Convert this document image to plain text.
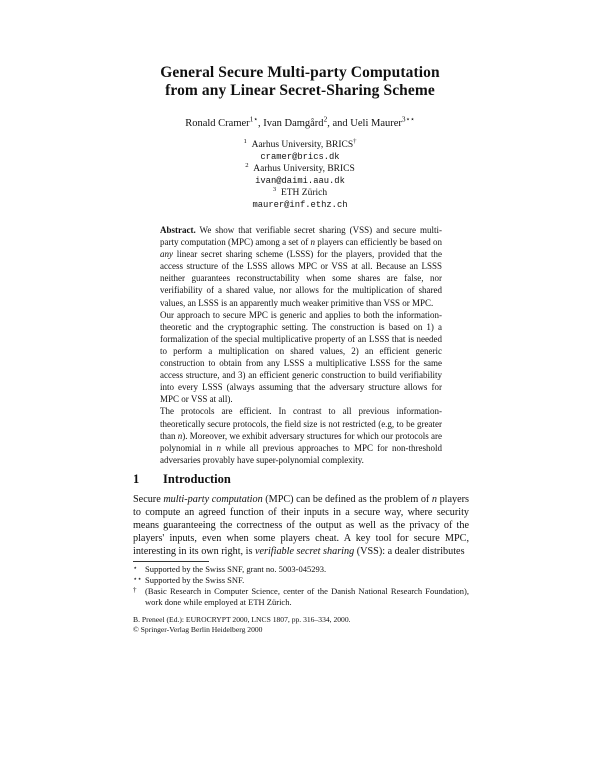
General Secure Multi-party Computation
from any Linear Secret-Sharing Scheme
Ronald Cramer$^{1⋆}$, Ivan Damgård$^2$, and Ueli Maurer$^{3⋆⋆}$
$^1$ Aarhus University, BRICS†
cramer@brics.dk
$^2$ Aarhus University, BRICS
ivan@daimi.aau.dk
$^3$ ETH Zürich
maurer@inf.ethz.ch

Abstract. We show that verifiable secret sharing (VSS) and secure multi-party computation (MPC) among a set of n players can efficiently be based on any linear secret sharing scheme (LSSS) for the players, provided that the access structure of the LSSS allows MPC or VSS at all. Because an LSSS neither guarantees reconstructability when some shares are false, nor verifiability of a shared value, nor allows for the multiplication of shared values, an LSSS is an apparently much weaker primitive than VSS or MPC.

Our approach to secure MPC is generic and applies to both the information-theoretic and the cryptographic setting. The construction is based on 1) a formalization of the special multiplicative property of an LSSS that is needed to perform a multiplication on shared values, 2) an efficient generic construction to obtain from any LSSS a multiplicative LSSS for the same access structure, and 3) an efficient generic construction to build verifiability into every LSSS (always assuming that the adversary structure allows for MPC or VSS at all).

The protocols are efficient. In contrast to all previous information-theoretically secure protocols, the field size is not restricted (e.g, to be greater than n). Moreover, we exhibit adversary structures for which our protocols are polynomial in n while all previous approaches to MPC for non-threshold adversaries provably have super-polynomial complexity.

1 Introduction

Secure multi-party computation (MPC) can be defined as the problem of n players to compute an agreed function of their inputs in a secure way, where security means guaranteeing the correctness of the output as well as the privacy of the players' inputs, even when some players cheat. A key tool for secure MPC, interesting in its own right, is verifiable secret sharing (VSS): a dealer distributes

⋆ Supported by the Swiss SNF, grant no. 5003-045293.

⋆⋆ Supported by the Swiss SNF.

† (Basic Research in Computer Science, center of the Danish National Research Foundation), work done while employed at ETH Zürich.

B. Preneel (Ed.): EUROCRYPT 2000, LNCS 1807, pp. 316–334, 2000.
© Springer-Verlag Berlin Heidelberg 2000
